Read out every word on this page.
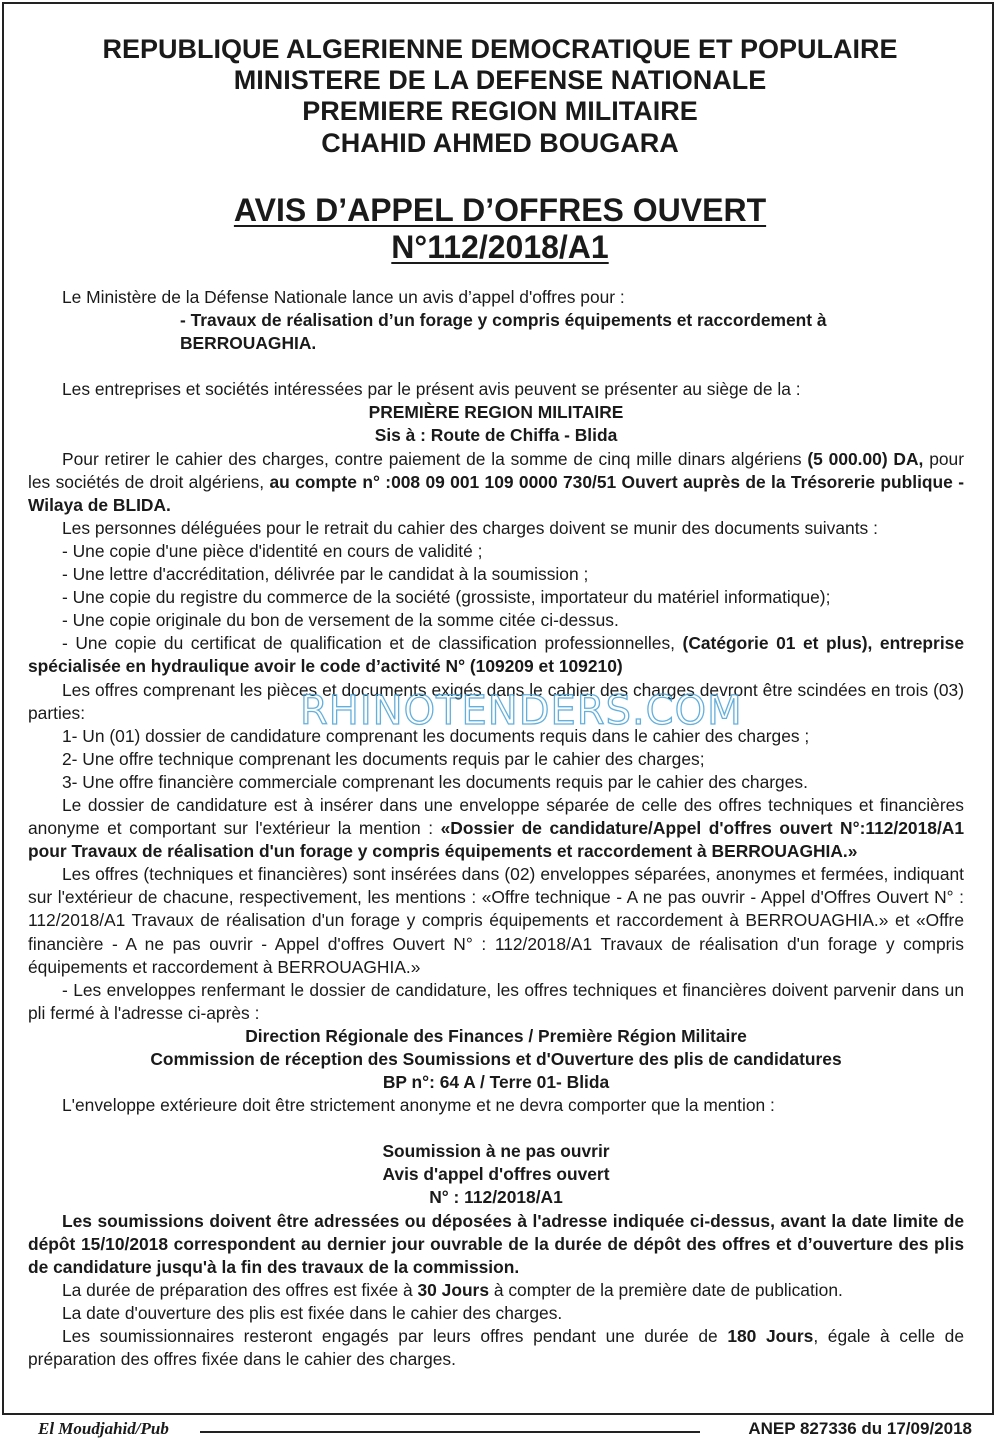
REPUBLIQUE ALGERIENNE DEMOCRATIQUE ET POPULAIRE
MINISTERE DE LA DEFENSE NATIONALE
PREMIERE REGION MILITAIRE
CHAHID AHMED BOUGARA
AVIS D’APPEL D’OFFRES OUVERT
N°112/2018/A1

Le Ministère de la Défense Nationale lance un avis d’appel d'offres pour :

- Travaux de réalisation d’un forage y compris équipements et raccordement à BERROUAGHIA.

Les entreprises et sociétés intéressées par le présent avis peuvent se présenter au siège de la :

PREMIÈRE REGION MILITAIRE

Sis à : Route de Chiffa - Blida

Pour retirer le cahier des charges, contre paiement de la somme de cinq mille dinars algériens (5 000.00) DA, pour les sociétés de droit algériens, au compte n° :008 09 001 109 0000 730/51 Ouvert auprès de la Trésorerie publique - Wilaya de BLIDA.

Les personnes déléguées pour le retrait du cahier des charges doivent se munir des documents suivants :

- Une copie d'une pièce d'identité en cours de validité ;

- Une lettre d'accréditation, délivrée par le candidat à la soumission ;

- Une copie du registre du commerce de la société (grossiste, importateur du matériel informatique);

- Une copie originale du bon de versement de la somme citée ci-dessus.

- Une copie du certificat de qualification et de classification professionnelles, (Catégorie 01 et plus), entreprise spécialisée en hydraulique avoir le code d’activité N° (109209 et 109210)

Les offres comprenant les pièces et documents exigés dans le cahier des charges devront être scindées en trois (03) parties:

1- Un (01) dossier de candidature comprenant les documents requis dans le cahier des charges ;

2- Une offre technique comprenant les documents requis par le cahier des charges;

3- Une offre financière commerciale comprenant les documents requis par le cahier des charges.

Le dossier de candidature est à insérer dans une enveloppe séparée de celle des offres techniques et financières anonyme et comportant sur l'extérieur la mention : «Dossier de candidature/Appel d'offres ouvert N°:112/2018/A1 pour Travaux de réalisation d'un forage y compris équipements et raccordement à BERROUAGHIA.»

Les offres (techniques et financières) sont insérées dans (02) enveloppes séparées, anonymes et fermées, indiquant sur l'extérieur de chacune, respectivement, les mentions : «Offre technique - A ne pas ouvrir - Appel d'Offres Ouvert N° : 112/2018/A1 Travaux de réalisation d'un forage y compris équipements et raccordement à BERROUAGHIA.» et «Offre financière - A ne pas ouvrir - Appel d'offres Ouvert N° : 112/2018/A1 Travaux de réalisation d'un forage y compris équipements et raccordement à BERROUAGHIA.»

- Les enveloppes renfermant le dossier de candidature, les offres techniques et financières doivent parvenir dans un pli fermé à l'adresse ci-après :

Direction Régionale des Finances / Première Région Militaire

Commission de réception des Soumissions et d'Ouverture des plis de candidatures

BP n°: 64 A / Terre 01- Blida

L'enveloppe extérieure doit être strictement anonyme et ne devra comporter que la mention :

Soumission à ne pas ouvrir

Avis d'appel d'offres ouvert

N° : 112/2018/A1

Les soumissions doivent être adressées ou déposées à l'adresse indiquée ci-dessus, avant la date limite de dépôt 15/10/2018 correspondent au dernier jour ouvrable de la durée de dépôt des offres et d’ouverture des plis de candidature jusqu'à la fin des travaux de la commission.

La durée de préparation des offres est fixée à 30 Jours à compter de la première date de publication.

La date d'ouverture des plis est fixée dans le cahier des charges.

Les soumissionnaires resteront engagés par leurs offres pendant une durée de 180 Jours, égale à celle de préparation des offres fixée dans le cahier des charges.

RHINOTENDERS.COM
El Moudjahid/Pub	ANEP 827336 du 17/09/2018
